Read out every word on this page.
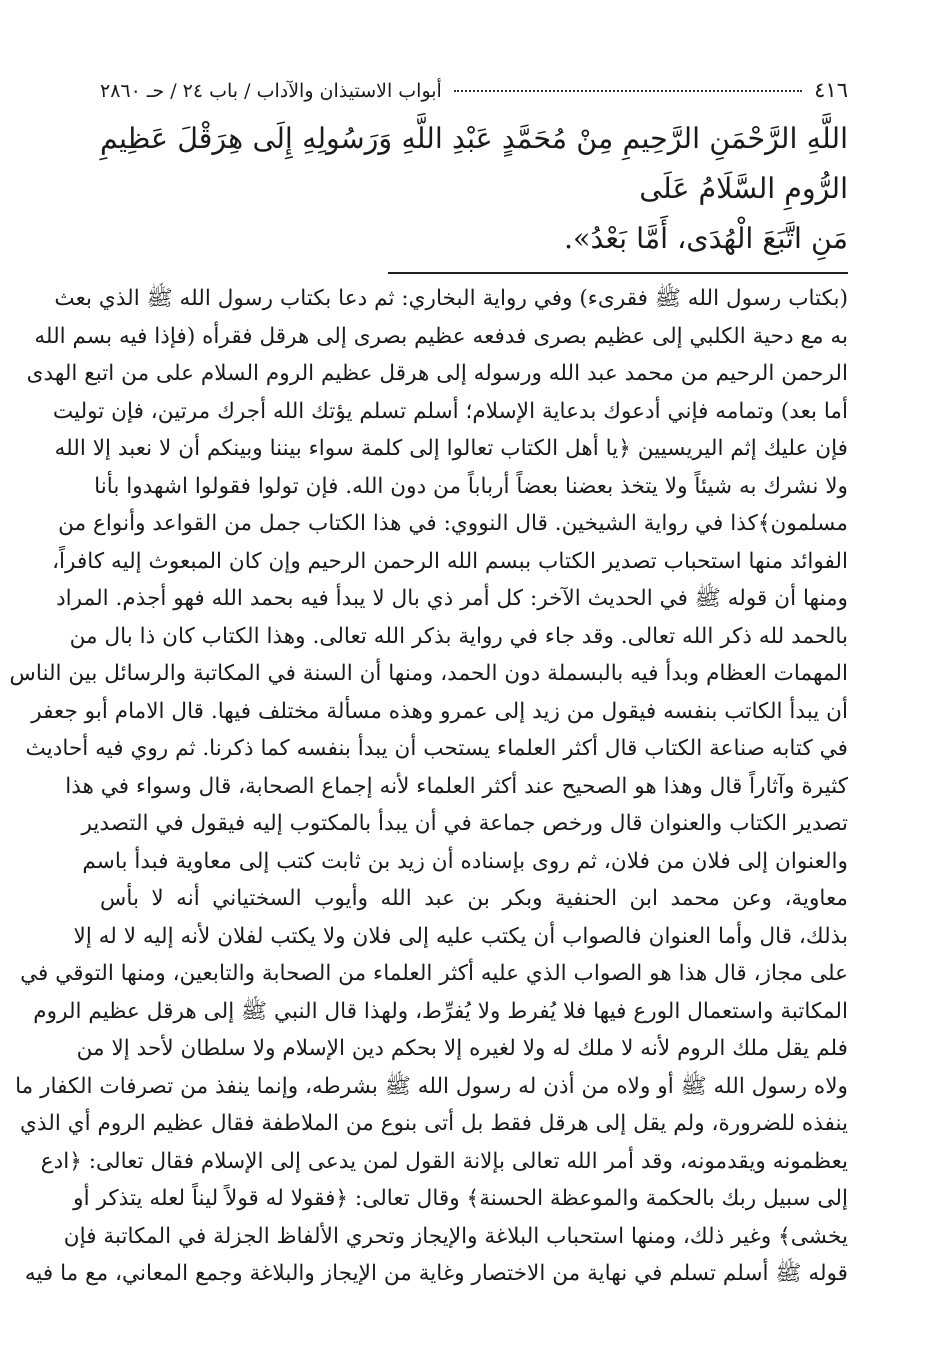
٤١٦
أبواب الاستيذان والآداب / باب ٢٤ / حـ ٢٨٦٠

اللَّهِ الرَّحْمَنِ الرَّحِيمِ مِنْ مُحَمَّدٍ عَبْدِ اللَّهِ وَرَسُولِهِ إِلَى هِرَقْلَ عَظِيمِ الرُّومِ السَّلَامُ عَلَى

مَنِ اتَّبَعَ الْهُدَى، أَمَّا بَعْدُ».

(بكتاب رسول الله ﷺ فقرىء) وفي رواية البخاري: ثم دعا بكتاب رسول الله ﷺ الذي بعث
به مع دحية الكلبي إلى عظيم بصرى فدفعه عظيم بصرى إلى هرقل فقرأه (فإذا فيه بسم الله
الرحمن الرحيم من محمد عبد الله ورسوله إلى هرقل عظيم الروم السلام على من اتبع الهدى
أما بعد) وتمامه فإني أدعوك بدعاية الإسلام؛ أسلم تسلم يؤتك الله أجرك مرتين، فإن توليت
فإن عليك إثم اليريسيين ﴿يا أهل الكتاب تعالوا إلى كلمة سواء بيننا وبينكم أن لا نعبد إلا الله
ولا نشرك به شيئاً ولا يتخذ بعضنا بعضاً أرباباً من دون الله. فإن تولوا فقولوا اشهدوا بأنا
مسلمون﴾كذا في رواية الشيخين. قال النووي: في هذا الكتاب جمل من القواعد وأنواع من
الفوائد منها استحباب تصدير الكتاب ببسم الله الرحمن الرحيم وإن كان المبعوث إليه كافراً،
ومنها أن قوله ﷺ في الحديث الآخر: كل أمر ذي بال لا يبدأ فيه بحمد الله فهو أجذم. المراد
بالحمد لله ذكر الله تعالى. وقد جاء في رواية بذكر الله تعالى. وهذا الكتاب كان ذا بال من
المهمات العظام وبدأ فيه بالبسملة دون الحمد، ومنها أن السنة في المكاتبة والرسائل بين الناس
أن يبدأ الكاتب بنفسه فيقول من زيد إلى عمرو وهذه مسألة مختلف فيها. قال الامام أبو جعفر
في كتابه صناعة الكتاب قال أكثر العلماء يستحب أن يبدأ بنفسه كما ذكرنا. ثم روي فيه أحاديث
كثيرة وآثاراً قال وهذا هو الصحيح عند أكثر العلماء لأنه إجماع الصحابة، قال وسواء في هذا
تصدير الكتاب والعنوان قال ورخص جماعة في أن يبدأ بالمكتوب إليه فيقول في التصدير
والعنوان إلى فلان من فلان، ثم روى بإسناده أن زيد بن ثابت كتب إلى معاوية فبدأ باسم
معاوية، وعن محمد ابن الحنفية وبكر بن عبد الله وأيوب السختياني أنه لا بأس
بذلك، قال وأما العنوان فالصواب أن يكتب عليه إلى فلان ولا يكتب لفلان لأنه إليه لا له إلا
على مجاز، قال هذا هو الصواب الذي عليه أكثر العلماء من الصحابة والتابعين، ومنها التوقي في
المكاتبة واستعمال الورع فيها فلا يُفرط ولا يُفرِّط، ولهذا قال النبي ﷺ إلى هرقل عظيم الروم
فلم يقل ملك الروم لأنه لا ملك له ولا لغيره إلا بحكم دين الإسلام ولا سلطان لأحد إلا من
ولاه رسول الله ﷺ أو ولاه من أذن له رسول الله ﷺ بشرطه، وإنما ينفذ من تصرفات الكفار ما
ينفذه للضرورة، ولم يقل إلى هرقل فقط بل أتى بنوع من الملاطفة فقال عظيم الروم أي الذي
يعظمونه ويقدمونه، وقد أمر الله تعالى بإلانة القول لمن يدعى إلى الإسلام فقال تعالى: ﴿ادع
إلى سبيل ربك بالحكمة والموعظة الحسنة﴾ وقال تعالى: ﴿فقولا له قولاً ليناً لعله يتذكر أو
يخشى﴾ وغير ذلك، ومنها استحباب البلاغة والإيجاز وتحري الألفاظ الجزلة في المكاتبة فإن
قوله ﷺ أسلم تسلم في نهاية من الاختصار وغاية من الإيجاز والبلاغة وجمع المعاني، مع ما فيه
